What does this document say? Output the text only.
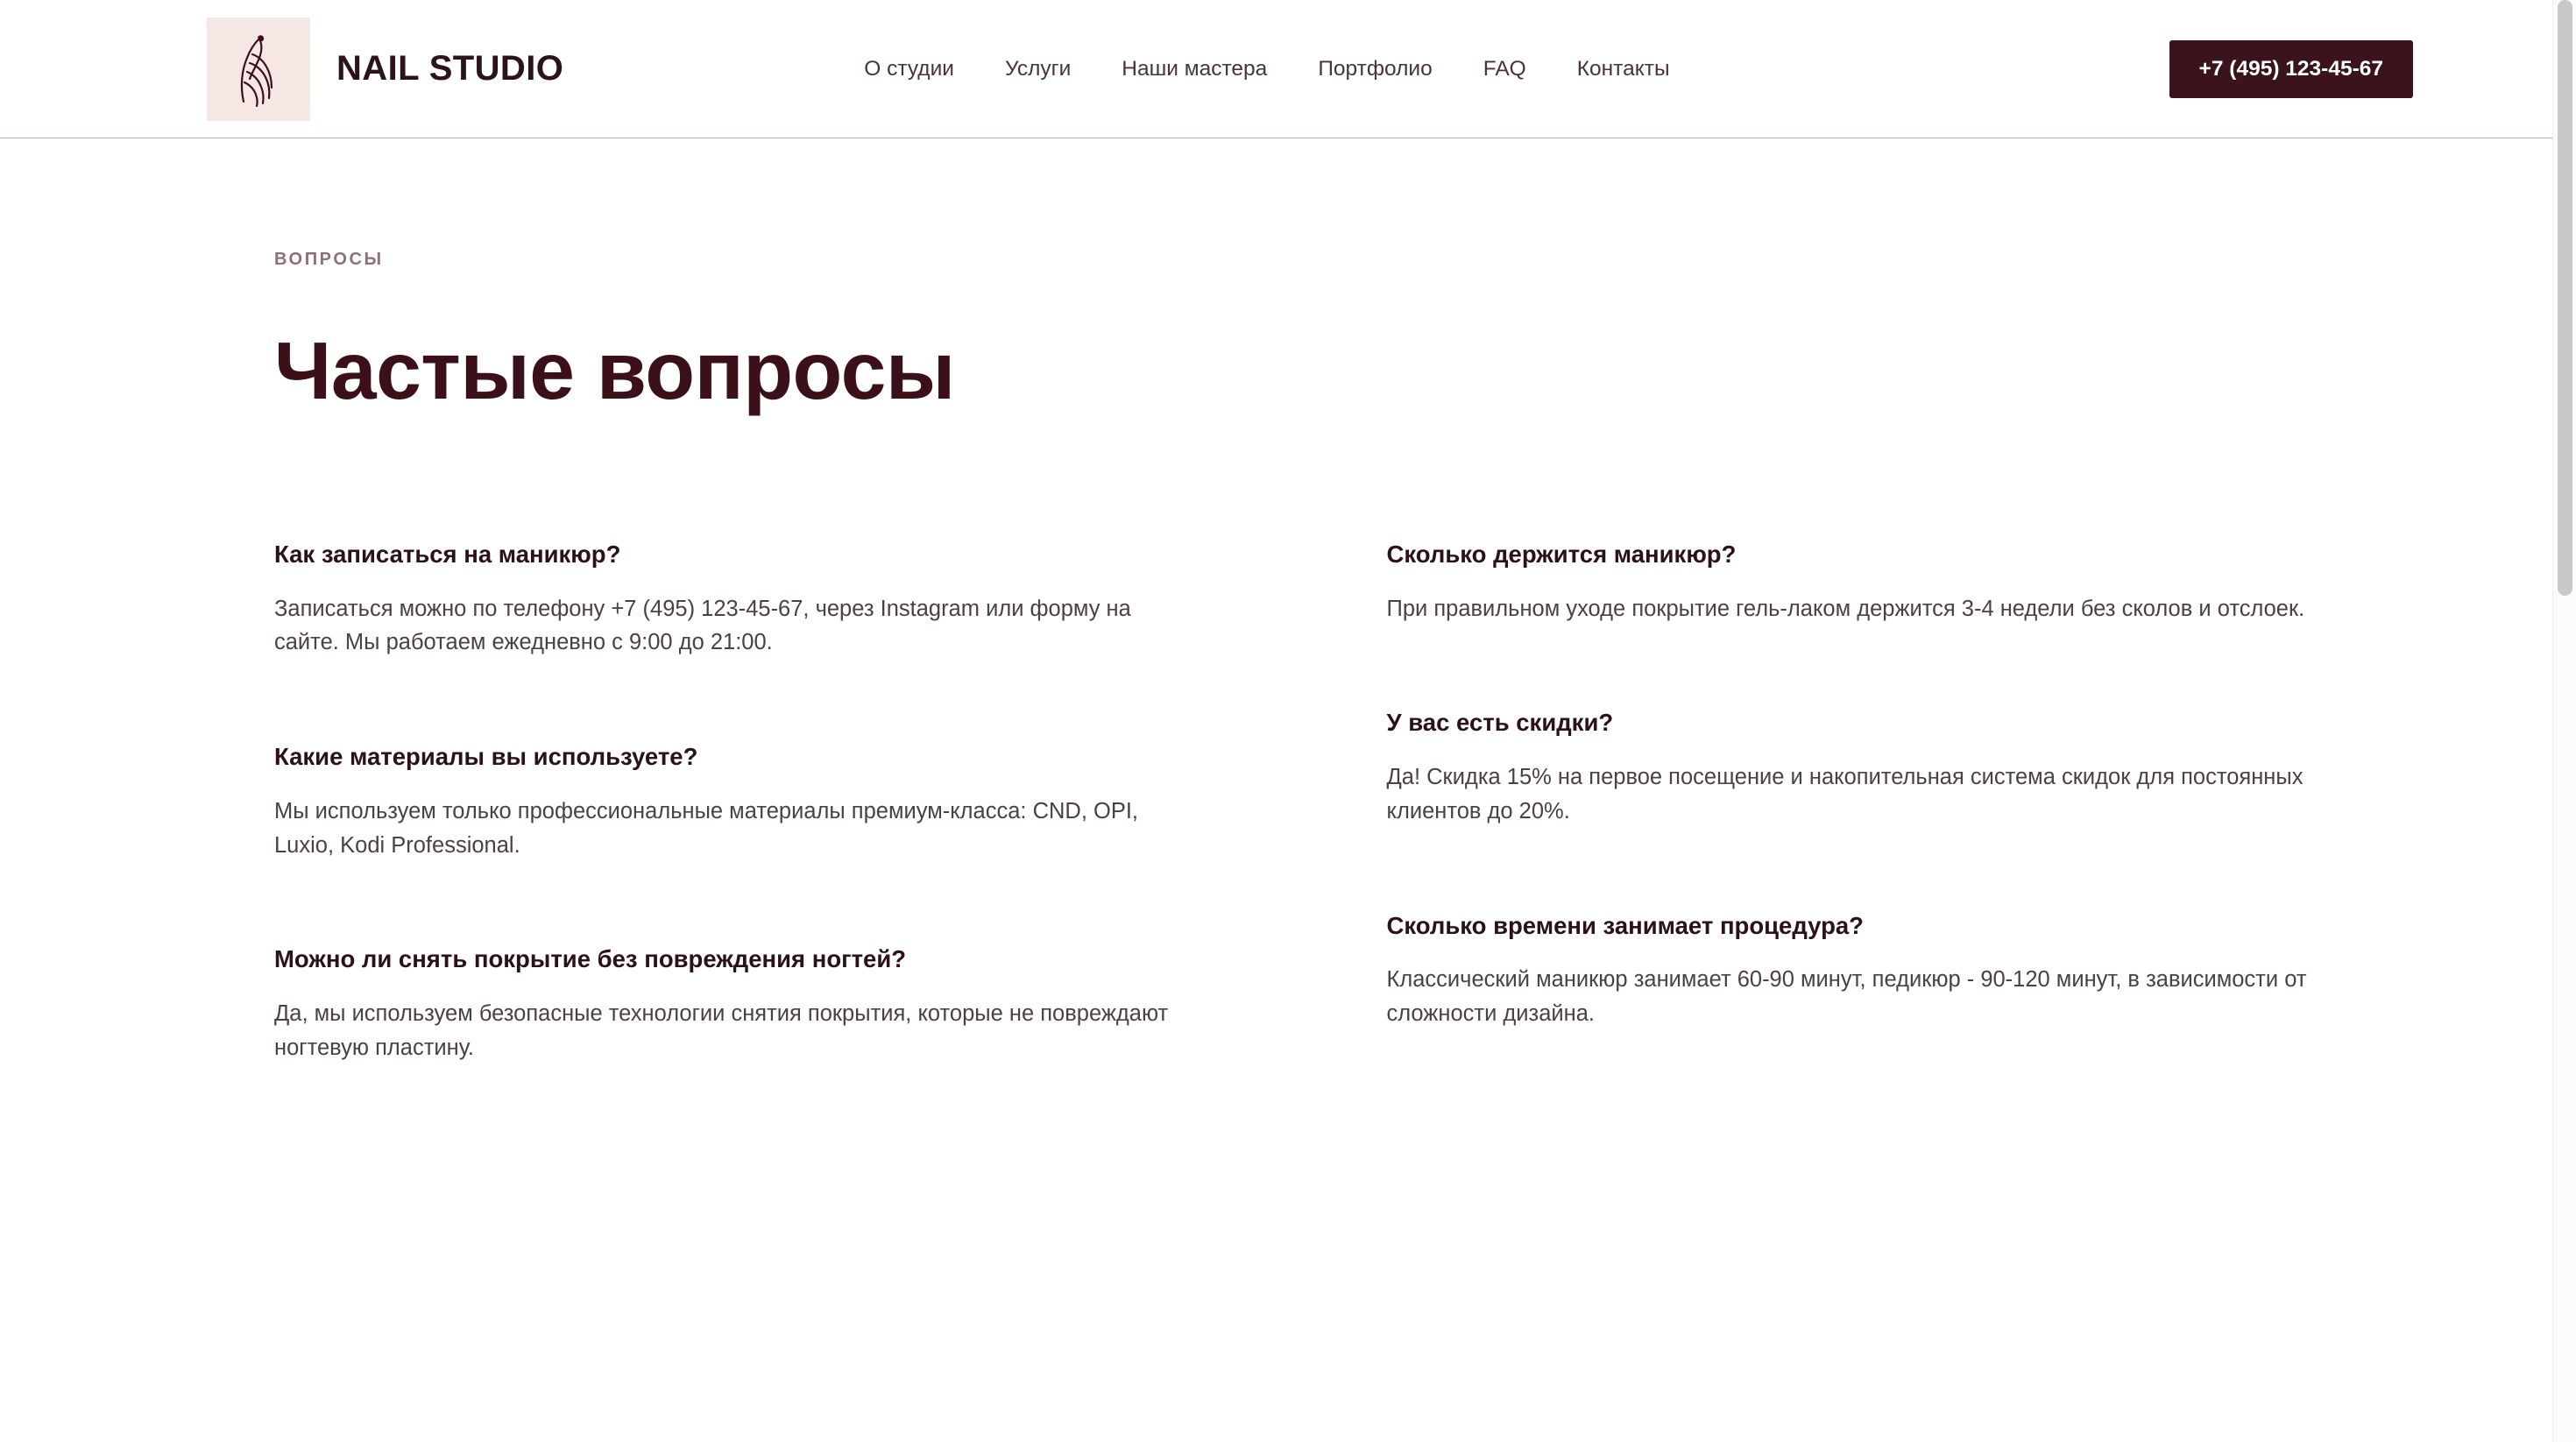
NAIL STUDIO	О студии	Услуги	Наши мастера	Портфолио	FAQ	Контакты	+7 (495) 123-45-67
ВОПРОСЫ
Частые вопросы
Как записаться на маникюр?
Записаться можно по телефону +7 (495) 123-45-67, через Instagram или форму на сайте. Мы работаем ежедневно с 9:00 до 21:00.
Какие материалы вы используете?
Мы используем только профессиональные материалы премиум-класса: CND, OPI, Luxio, Kodi Professional.
Можно ли снять покрытие без повреждения ногтей?
Да, мы используем безопасные технологии снятия покрытия, которые не повреждают ногтевую пластину.
Сколько держится маникюр?
При правильном уходе покрытие гель-лаком держится 3-4 недели без сколов и отслоек.
У вас есть скидки?
Да! Скидка 15% на первое посещение и накопительная система скидок для постоянных клиентов до 20%.
Сколько времени занимает процедура?
Классический маникюр занимает 60-90 минут, педикюр - 90-120 минут, в зависимости от сложности дизайна.
